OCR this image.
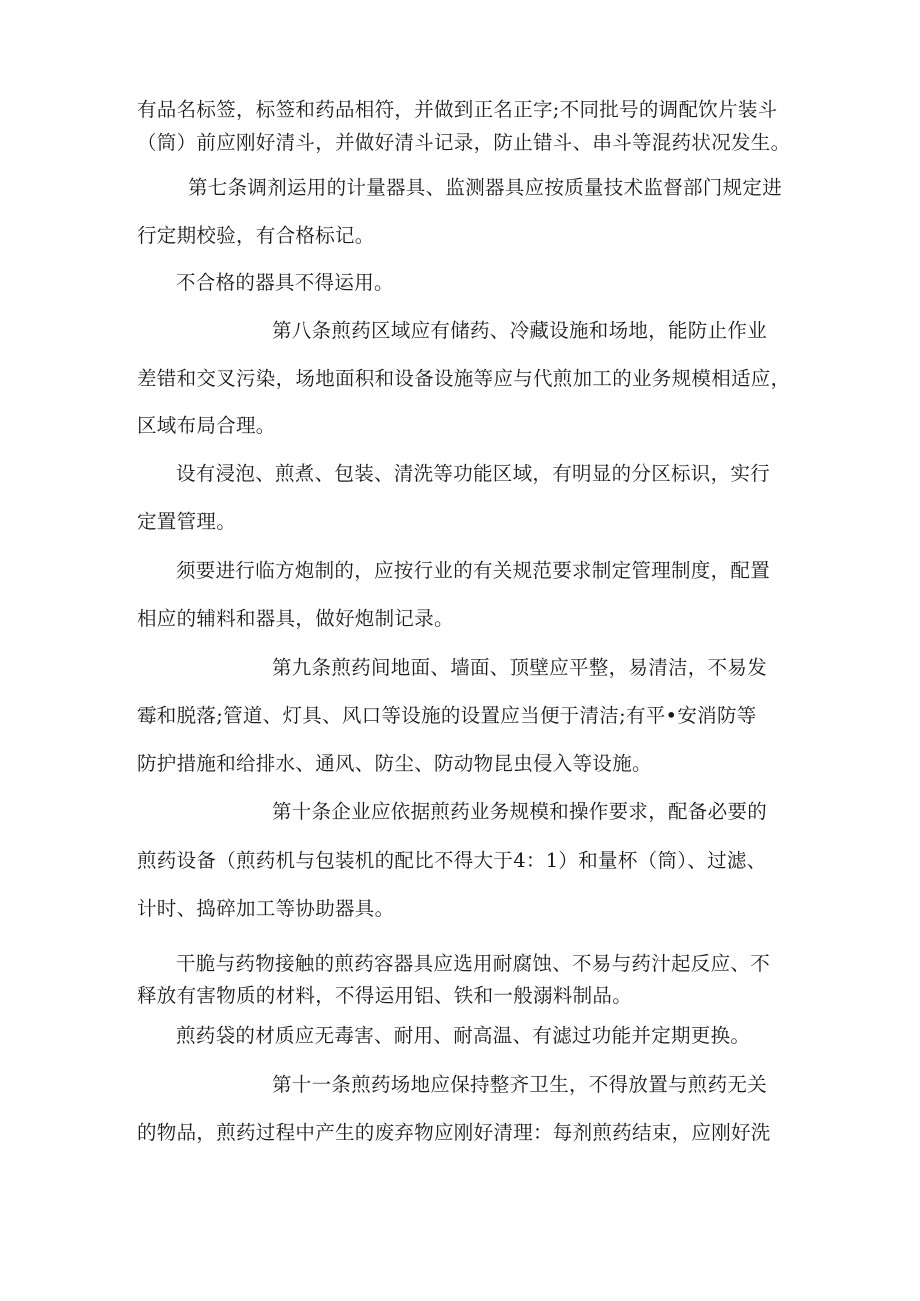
有品名标签，标签和药品相符，并做到正名正字;不同批号的调配饮片装斗
（筒）前应刚好清斗，并做好清斗记录，防止错斗、串斗等混药状况发生。
第七条调剂运用的计量器具、监测器具应按质量技术监督部门规定进
行定期校验，有合格标记。
不合格的器具不得运用。
第八条煎药区域应有储药、冷藏设施和场地，能防止作业
差错和交叉污染，场地面积和设备设施等应与代煎加工的业务规模相适应，
区域布局合理。
设有浸泡、煎煮、包装、清洗等功能区域，有明显的分区标识，实行
定置管理。
须要进行临方炮制的，应按行业的有关规范要求制定管理制度，配置
相应的辅料和器具，做好炮制记录。
第九条煎药间地面、墙面、顶壁应平整，易清洁，不易发
霉和脱落;管道、灯具、风口等设施的设置应当便于清洁;有平•安消防等
防护措施和给排水、通风、防尘、防动物昆虫侵入等设施。
第十条企业应依据煎药业务规模和操作要求，配备必要的
煎药设备（煎药机与包装机的配比不得大于4：1）和量杯（筒）、过滤、
计时、捣碎加工等协助器具。
干脆与药物接触的煎药容器具应选用耐腐蚀、不易与药汁起反应、不
释放有害物质的材料，不得运用铝、铁和一般溺料制品。
煎药袋的材质应无毒害、耐用、耐高温、有滤过功能并定期更换。
第十一条煎药场地应保持整齐卫生，不得放置与煎药无关
的物品，煎药过程中产生的废弃物应刚好清理：每剂煎药结束，应刚好洗
